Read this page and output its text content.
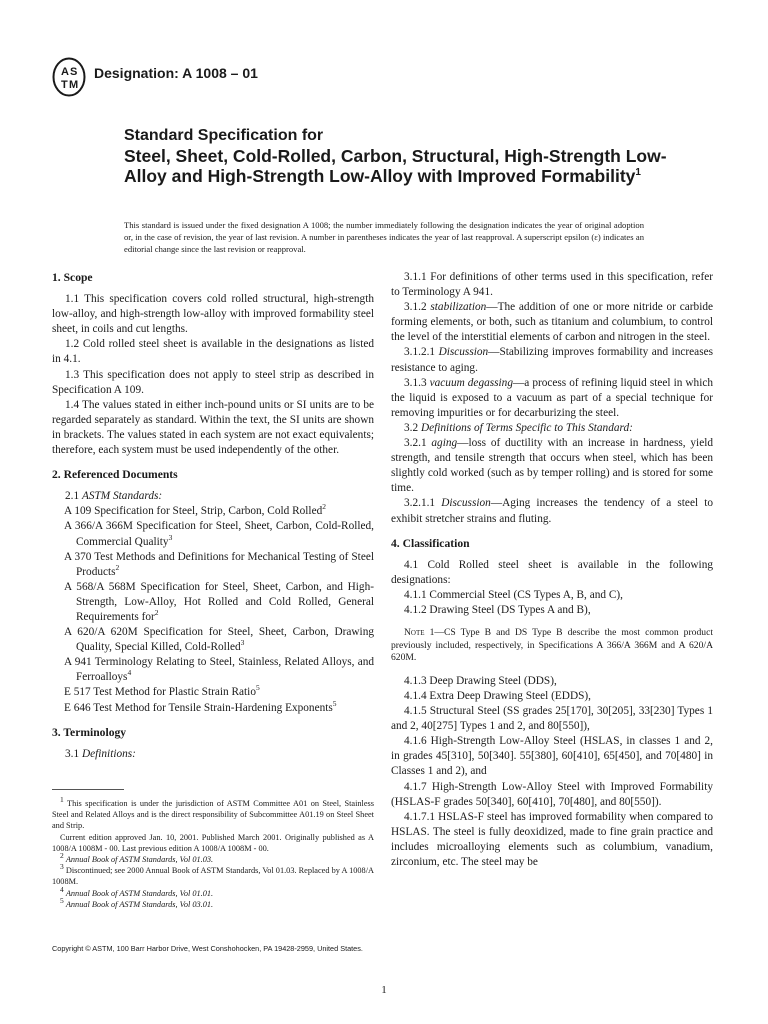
A S
T M
Designation: A 1008 – 01
Standard Specification for
Steel, Sheet, Cold-Rolled, Carbon, Structural, High-Strength Low-Alloy and High-Strength Low-Alloy with Improved Formability$^1$
This standard is issued under the fixed designation A 1008; the number immediately following the designation indicates the year of original adoption or, in the case of revision, the year of last revision. A number in parentheses indicates the year of last reapproval. A superscript epsilon (ε) indicates an editorial change since the last revision or reapproval.
1. Scope

1.1 This specification covers cold rolled structural, high-strength low-alloy, and high-strength low-alloy with improved formability steel sheet, in coils and cut lengths.

1.2 Cold rolled steel sheet is available in the designations as listed in 4.1.

1.3 This specification does not apply to steel strip as described in Specification A 109.

1.4 The values stated in either inch-pound units or SI units are to be regarded separately as standard. Within the text, the SI units are shown in brackets. The values stated in each system are not exact equivalents; therefore, each system must be used independently of the other.

2. Referenced Documents

2.1 ASTM Standards:

A 109 Specification for Steel, Strip, Carbon, Cold Rolled$^2$

A 366/A 366M Specification for Steel, Sheet, Carbon, Cold-Rolled, Commercial Quality$^3$

A 370 Test Methods and Definitions for Mechanical Testing of Steel Products$^2$

A 568/A 568M Specification for Steel, Sheet, Carbon, and High-Strength, Low-Alloy, Hot Rolled and Cold Rolled, General Requirements for$^2$

A 620/A 620M Specification for Steel, Sheet, Carbon, Drawing Quality, Special Killed, Cold-Rolled$^3$

A 941 Terminology Relating to Steel, Stainless, Related Alloys, and Ferroalloys$^4$

E 517 Test Method for Plastic Strain Ratio$^5$

E 646 Test Method for Tensile Strain-Hardening Exponents$^5$

3. Terminology

3.1 Definitions:

$^1$ This specification is under the jurisdiction of ASTM Committee A01 on Steel, Stainless Steel and Related Alloys and is the direct responsibility of Subcommittee A01.19 on Steel Sheet and Strip.

Current edition approved Jan. 10, 2001. Published March 2001. Originally published as A 1008/A 1008M - 00. Last previous edition A 1008/A 1008M - 00.

$^2$ Annual Book of ASTM Standards, Vol 01.03.

$^3$ Discontinued; see 2000 Annual Book of ASTM Standards, Vol 01.03. Replaced by A 1008/A 1008M.

$^4$ Annual Book of ASTM Standards, Vol 01.01.

$^5$ Annual Book of ASTM Standards, Vol 03.01.

3.1.1 For definitions of other terms used in this specification, refer to Terminology A 941.

3.1.2 stabilization—The addition of one or more nitride or carbide forming elements, or both, such as titanium and columbium, to control the level of the interstitial elements of carbon and nitrogen in the steel.

3.1.2.1 Discussion—Stabilizing improves formability and increases resistance to aging.

3.1.3 vacuum degassing—a process of refining liquid steel in which the liquid is exposed to a vacuum as part of a special technique for removing impurities or for decarburizing the steel.

3.2 Definitions of Terms Specific to This Standard:

3.2.1 aging—loss of ductility with an increase in hardness, yield strength, and tensile strength that occurs when steel, which has been slightly cold worked (such as by temper rolling) and is stored for some time.

3.2.1.1 Discussion—Aging increases the tendency of a steel to exhibit stretcher strains and fluting.

4. Classification

4.1 Cold Rolled steel sheet is available in the following designations:

4.1.1 Commercial Steel (CS Types A, B, and C),

4.1.2 Drawing Steel (DS Types A and B),

Note 1—CS Type B and DS Type B describe the most common product previously included, respectively, in Specifications A 366/A 366M and A 620/A 620M.

4.1.3 Deep Drawing Steel (DDS),

4.1.4 Extra Deep Drawing Steel (EDDS),

4.1.5 Structural Steel (SS grades 25[170], 30[205], 33[230] Types 1 and 2, 40[275] Types 1 and 2, and 80[550]),

4.1.6 High-Strength Low-Alloy Steel (HSLAS, in classes 1 and 2, in grades 45[310], 50[340]. 55[380], 60[410], 65[450], and 70[480] in Classes 1 and 2), and

4.1.7 High-Strength Low-Alloy Steel with Improved Formability (HSLAS-F grades 50[340], 60[410], 70[480], and 80[550]).

4.1.7.1 HSLAS-F steel has improved formability when compared to HSLAS. The steel is fully deoxidized, made to fine grain practice and includes microalloying elements such as columbium, vanadium, zirconium, etc. The steel may be

Copyright © ASTM, 100 Barr Harbor Drive, West Conshohocken, PA 19428-2959, United States.
1
